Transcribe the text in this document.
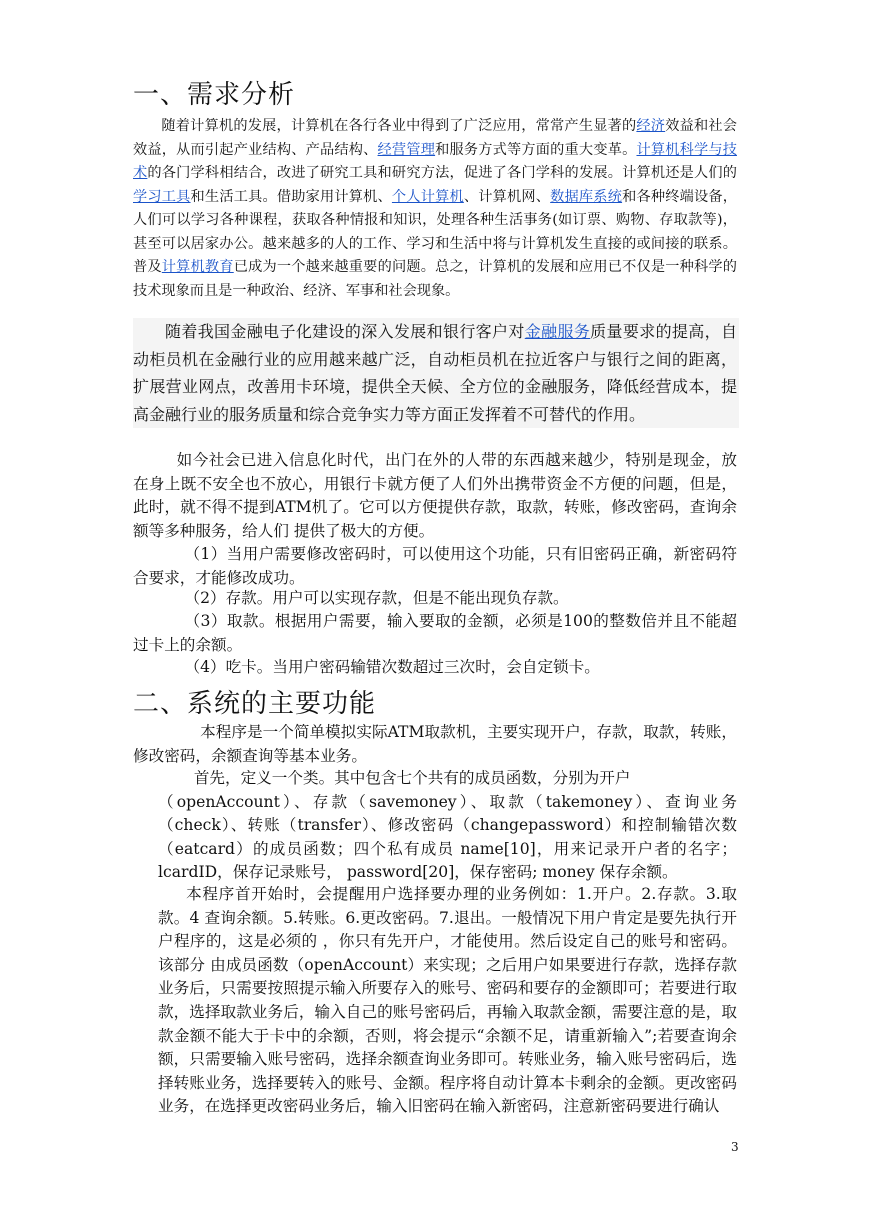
一、需求分析

随着计算机的发展，计算机在各行各业中得到了广泛应用，常常产生显著的经济效益和社会效益，从而引起产业结构、产品结构、经营管理和服务方式等方面的重大变革。计算机科学与技术的各门学科相结合，改进了研究工具和研究方法，促进了各门学科的发展。计算机还是人们的学习工具和生活工具。借助家用计算机、个人计算机、计算机网、数据库系统和各种终端设备，人们可以学习各种课程，获取各种情报和知识，处理各种生活事务(如订票、购物、存取款等)，甚至可以居家办公。越来越多的人的工作、学习和生活中将与计算机发生直接的或间接的联系。普及计算机教育已成为一个越来越重要的问题。总之，计算机的发展和应用已不仅是一种科学的技术现象而且是一种政治、经济、军事和社会现象。

随着我国金融电子化建设的深入发展和银行客户对金融服务质量要求的提高，自动柜员机在金融行业的应用越来越广泛，自动柜员机在拉近客户与银行之间的距离，扩展营业网点，改善用卡环境，提供全天候、全方位的金融服务，降低经营成本，提高金融行业的服务质量和综合竞争实力等方面正发挥着不可替代的作用。

如今社会已进入信息化时代，出门在外的人带的东西越来越少，特别是现金，放在身上既不安全也不放心，用银行卡就方便了人们外出携带资金不方便的问题，但是，此时，就不得不提到ATM机了。它可以方便提供存款，取款，转账，修改密码，查询余额等多种服务，给人们 提供了极大的方便。

（1）当用户需要修改密码时，可以使用这个功能，只有旧密码正确，新密码符合要求，才能修改成功。

（2）存款。用户可以实现存款，但是不能出现负存款。

（3）取款。根据用户需要，输入要取的金额，必须是100的整数倍并且不能超过卡上的余额。

（4）吃卡。当用户密码输错次数超过三次时，会自定锁卡。

二、系统的主要功能

本程序是一个简单模拟实际ATM取款机，主要实现开户，存款，取款，转账，修改密码，余额查询等基本业务。

首先，定义一个类。其中包含七个共有的成员函数，分别为开户
（openAccount）、存款（savemoney）、取款（takemoney）、查询业务（check）、转账（transfer）、修改密码（changepassword）和控制输错次数（eatcard）的成员函数；四个私有成员 name[10]，用来记录开户者的名字； lcardID，保存记录账号， password[20]，保存密码; money 保存余额。

本程序首开始时，会提醒用户选择要办理的业务例如：1.开户。2.存款。3.取款。4 查询余额。5.转账。6.更改密码。7.退出。一般情况下用户肯定是要先执行开户程序的，这是必须的 ，你只有先开户，才能使用。然后设定自己的账号和密码。该部分 由成员函数（openAccount）来实现；之后用户如果要进行存款，选择存款业务后，只需要按照提示输入所要存入的账号、密码和要存的金额即可；若要进行取款，选择取款业务后，输入自己的账号密码后，再输入取款金额，需要注意的是，取款金额不能大于卡中的余额，否则，将会提示“余额不足，请重新输入”;若要查询余额，只需要输入账号密码，选择余额查询业务即可。转账业务，输入账号密码后，选择转账业务，选择要转入的账号、金额。程序将自动计算本卡剩余的金额。更改密码业务，在选择更改密码业务后，输入旧密码在输入新密码，注意新密码要进行确认

3
